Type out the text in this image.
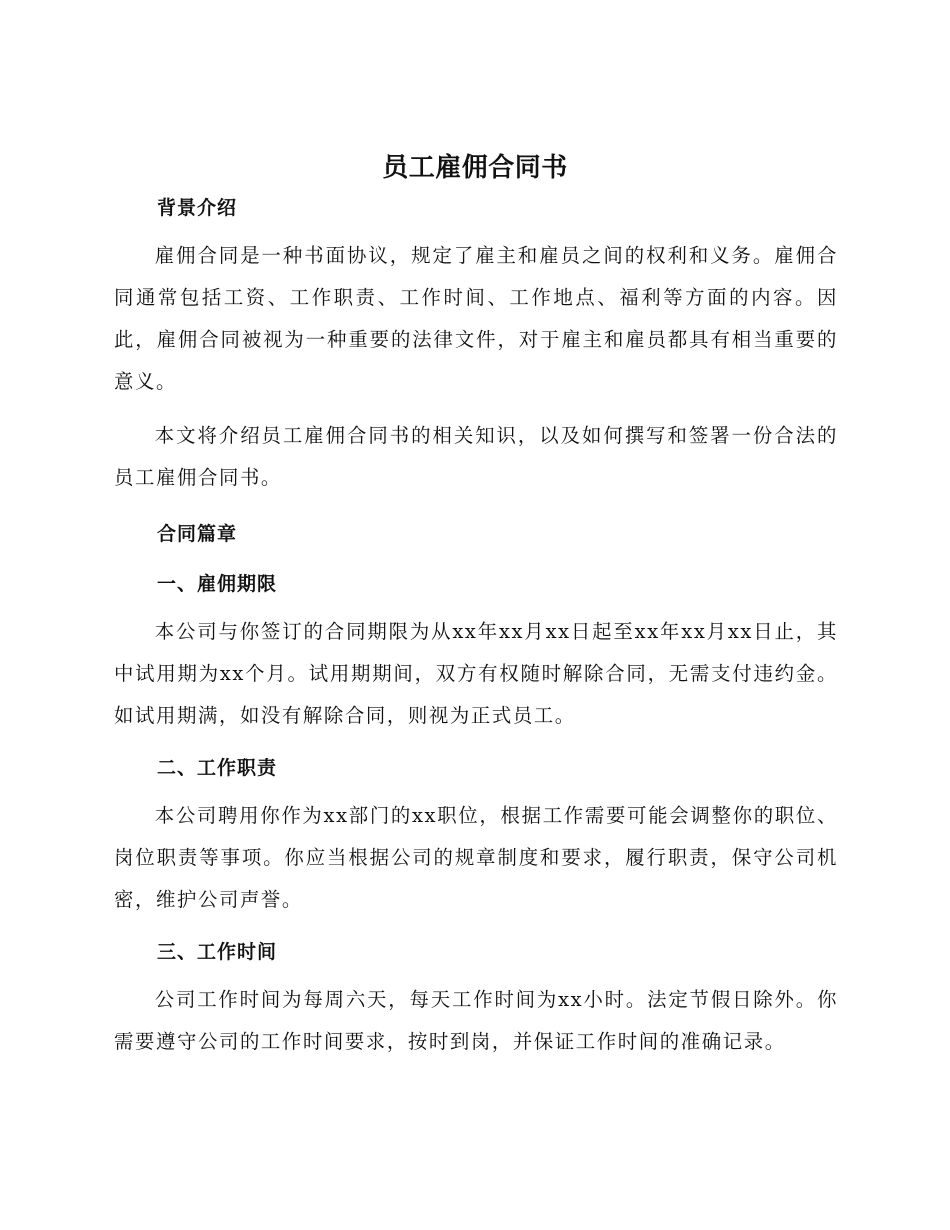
员工雇佣合同书
背景介绍

雇佣合同是一种书面协议，规定了雇主和雇员之间的权利和义务。雇佣合同通常包括工资、工作职责、工作时间、工作地点、福利等方面的内容。因此，雇佣合同被视为一种重要的法律文件，对于雇主和雇员都具有相当重要的意义。

本文将介绍员工雇佣合同书的相关知识，以及如何撰写和签署一份合法的员工雇佣合同书。

合同篇章
一、雇佣期限

本公司与你签订的合同期限为从xx年xx月xx日起至xx年xx月xx日止，其中试用期为xx个月。试用期期间，双方有权随时解除合同，无需支付违约金。如试用期满，如没有解除合同，则视为正式员工。

二、工作职责

本公司聘用你作为xx部门的xx职位，根据工作需要可能会调整你的职位、岗位职责等事项。你应当根据公司的规章制度和要求，履行职责，保守公司机密，维护公司声誉。

三、工作时间

公司工作时间为每周六天，每天工作时间为xx小时。法定节假日除外。你需要遵守公司的工作时间要求，按时到岗，并保证工作时间的准确记录。
